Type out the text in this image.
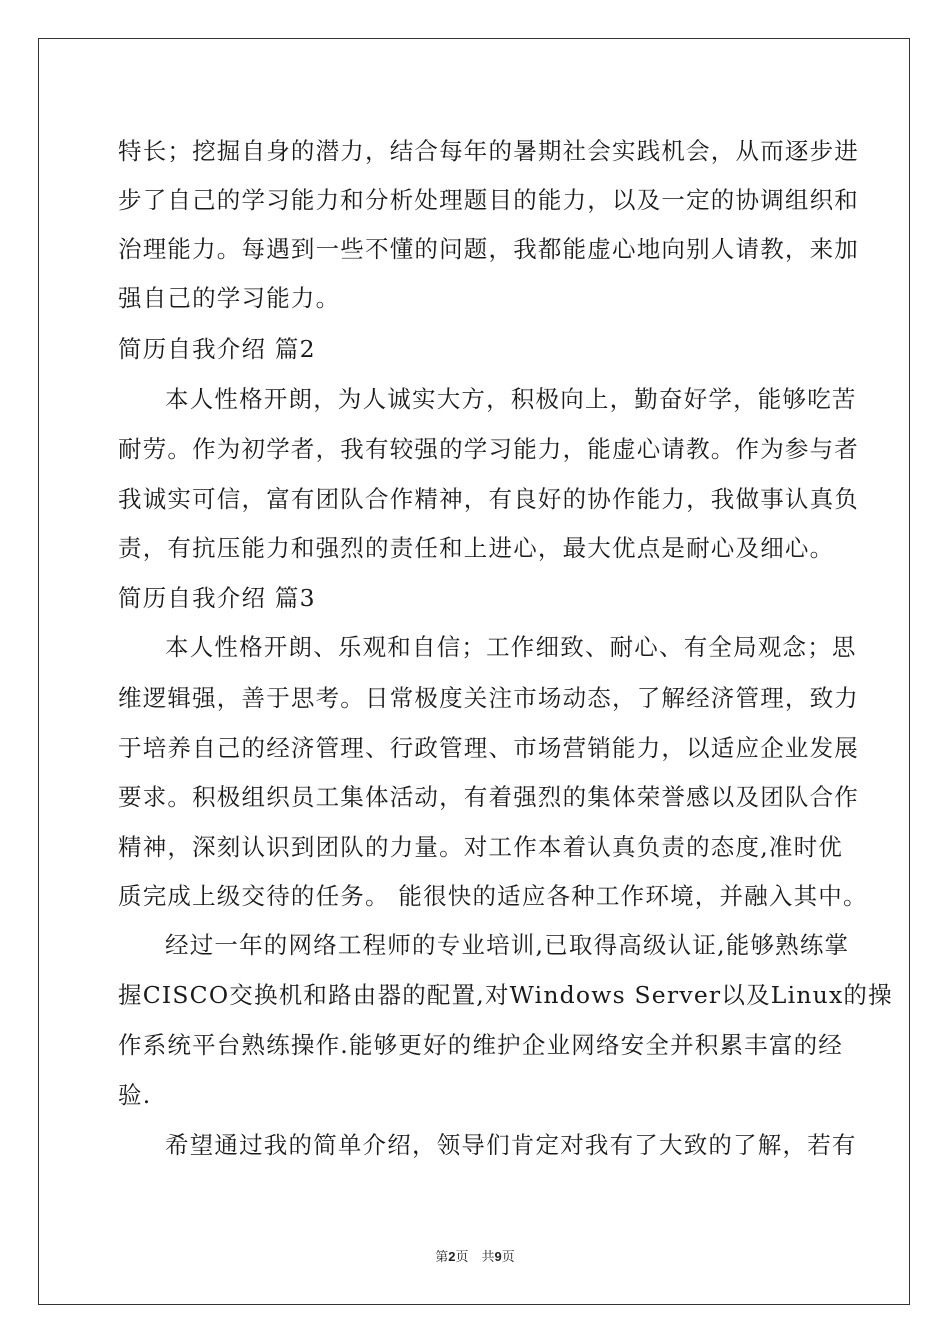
特长；挖掘自身的潜力，结合每年的暑期社会实践机会，从而逐步进
步了自己的学习能力和分析处理题目的能力，以及一定的协调组织和
治理能力。每遇到一些不懂的问题，我都能虚心地向别人请教，来加
强自己的学习能力。
简历自我介绍 篇2
本人性格开朗，为人诚实大方，积极向上，勤奋好学，能够吃苦
耐劳。作为初学者，我有较强的学习能力，能虚心请教。作为参与者
我诚实可信，富有团队合作精神，有良好的协作能力，我做事认真负
责，有抗压能力和强烈的责任和上进心，最大优点是耐心及细心。
简历自我介绍 篇3
本人性格开朗、乐观和自信；工作细致、耐心、有全局观念；思
维逻辑强，善于思考。日常极度关注市场动态，了解经济管理，致力
于培养自己的经济管理、行政管理、市场营销能力，以适应企业发展
要求。积极组织员工集体活动，有着强烈的集体荣誉感以及团队合作
精神，深刻认识到团队的力量。对工作本着认真负责的态度,准时优
质完成上级交待的任务。 能很快的适应各种工作环境，并融入其中。
经过一年的网络工程师的专业培训,已取得高级认证,能够熟练掌
握CISCO交换机和路由器的配置,对Windows Server以及Linux的操
作系统平台熟练操作.能够更好的维护企业网络安全并积累丰富的经
验.
希望通过我的简单介绍，领导们肯定对我有了大致的了解，若有
第2页　共9页
